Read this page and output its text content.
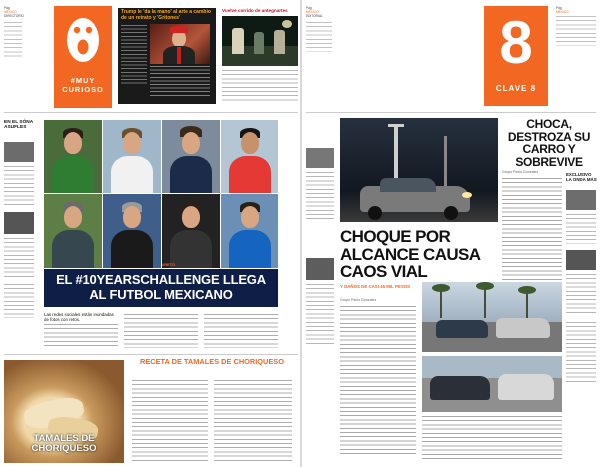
Pág
MÉXICO
DIRECTORIO
#MUY CURIOSO
Trump le 'da la mano' al arte a cambio de un retrato y 'Gritones'
Vuelve corrido de antegnartes
EN EL SÓNA ASUFLES
#RETO
EL #10YEARSCHALLENGE LLEGA AL FUTBOL MEXICANO
Las redes sociales están inundadas de fotos con retos.
TAMALES DE CHORIQUESO
RECETA DE TAMALES DE CHORIQUESO
Pág
MÉXICO
EDITORIAL	8
CLAVE 8
Pág
MÉXICO
CHOCA, DESTROZA SU CARRO Y SOBREVIVE
Grupo Pavlo Gonzalez	EXCLUSIVO LA ONDA MÁS
CHOQUE POR ALCANCE CAUSA CAOS VIAL
Y DAÑOS DE CASI 45 MIL PESOS
Grupo Pavlo Gonzalez
